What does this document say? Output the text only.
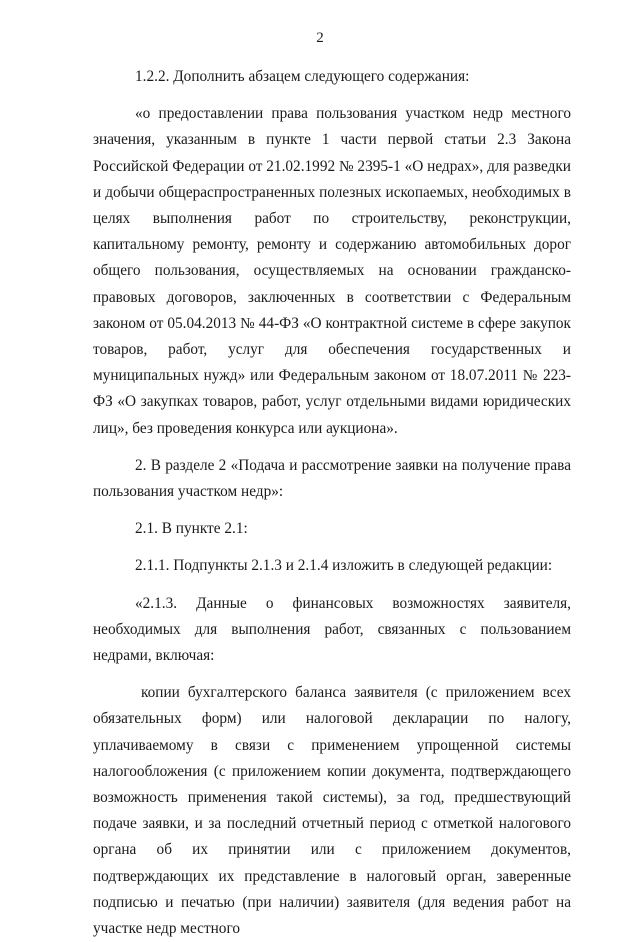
2

1.2.2. Дополнить абзацем следующего содержания:

«о предоставлении права пользования участком недр местного значения, указанным в пункте 1 части первой статьи 2.3 Закона Российской Федерации от 21.02.1992 № 2395-1 «О недрах», для разведки и добычи общераспространенных полезных ископаемых, необходимых в целях выполнения работ по строительству, реконструкции, капитальному ремонту, ремонту и содержанию автомобильных дорог общего пользования, осуществляемых на основании гражданско-правовых договоров, заключенных в соответствии с Федеральным законом от 05.04.2013 № 44-ФЗ «О контрактной системе в сфере закупок товаров, работ, услуг для обеспечения государственных и муниципальных нужд» или Федеральным законом от 18.07.2011 № 223-ФЗ «О закупках товаров, работ, услуг отдельными видами юридических лиц», без проведения конкурса или аукциона».

2. В разделе 2 «Подача и рассмотрение заявки на получение права пользования участком недр»:

2.1. В пункте 2.1:

2.1.1. Подпункты 2.1.3 и 2.1.4 изложить в следующей редакции:

«2.1.3. Данные о финансовых возможностях заявителя, необходимых для выполнения работ, связанных с пользованием недрами, включая:

копии бухгалтерского баланса заявителя (с приложением всех обязательных форм) или налоговой декларации по налогу, уплачиваемому в связи с применением упрощенной системы налогообложения (с приложением копии документа, подтверждающего возможность применения такой системы), за год, предшествующий подаче заявки, и за последний отчетный период с отметкой налогового органа об их принятии или с приложением документов, подтверждающих их представление в налоговый орган, заверенные подписью и печатью (при наличии) заявителя (для ведения работ на участке недр местного
